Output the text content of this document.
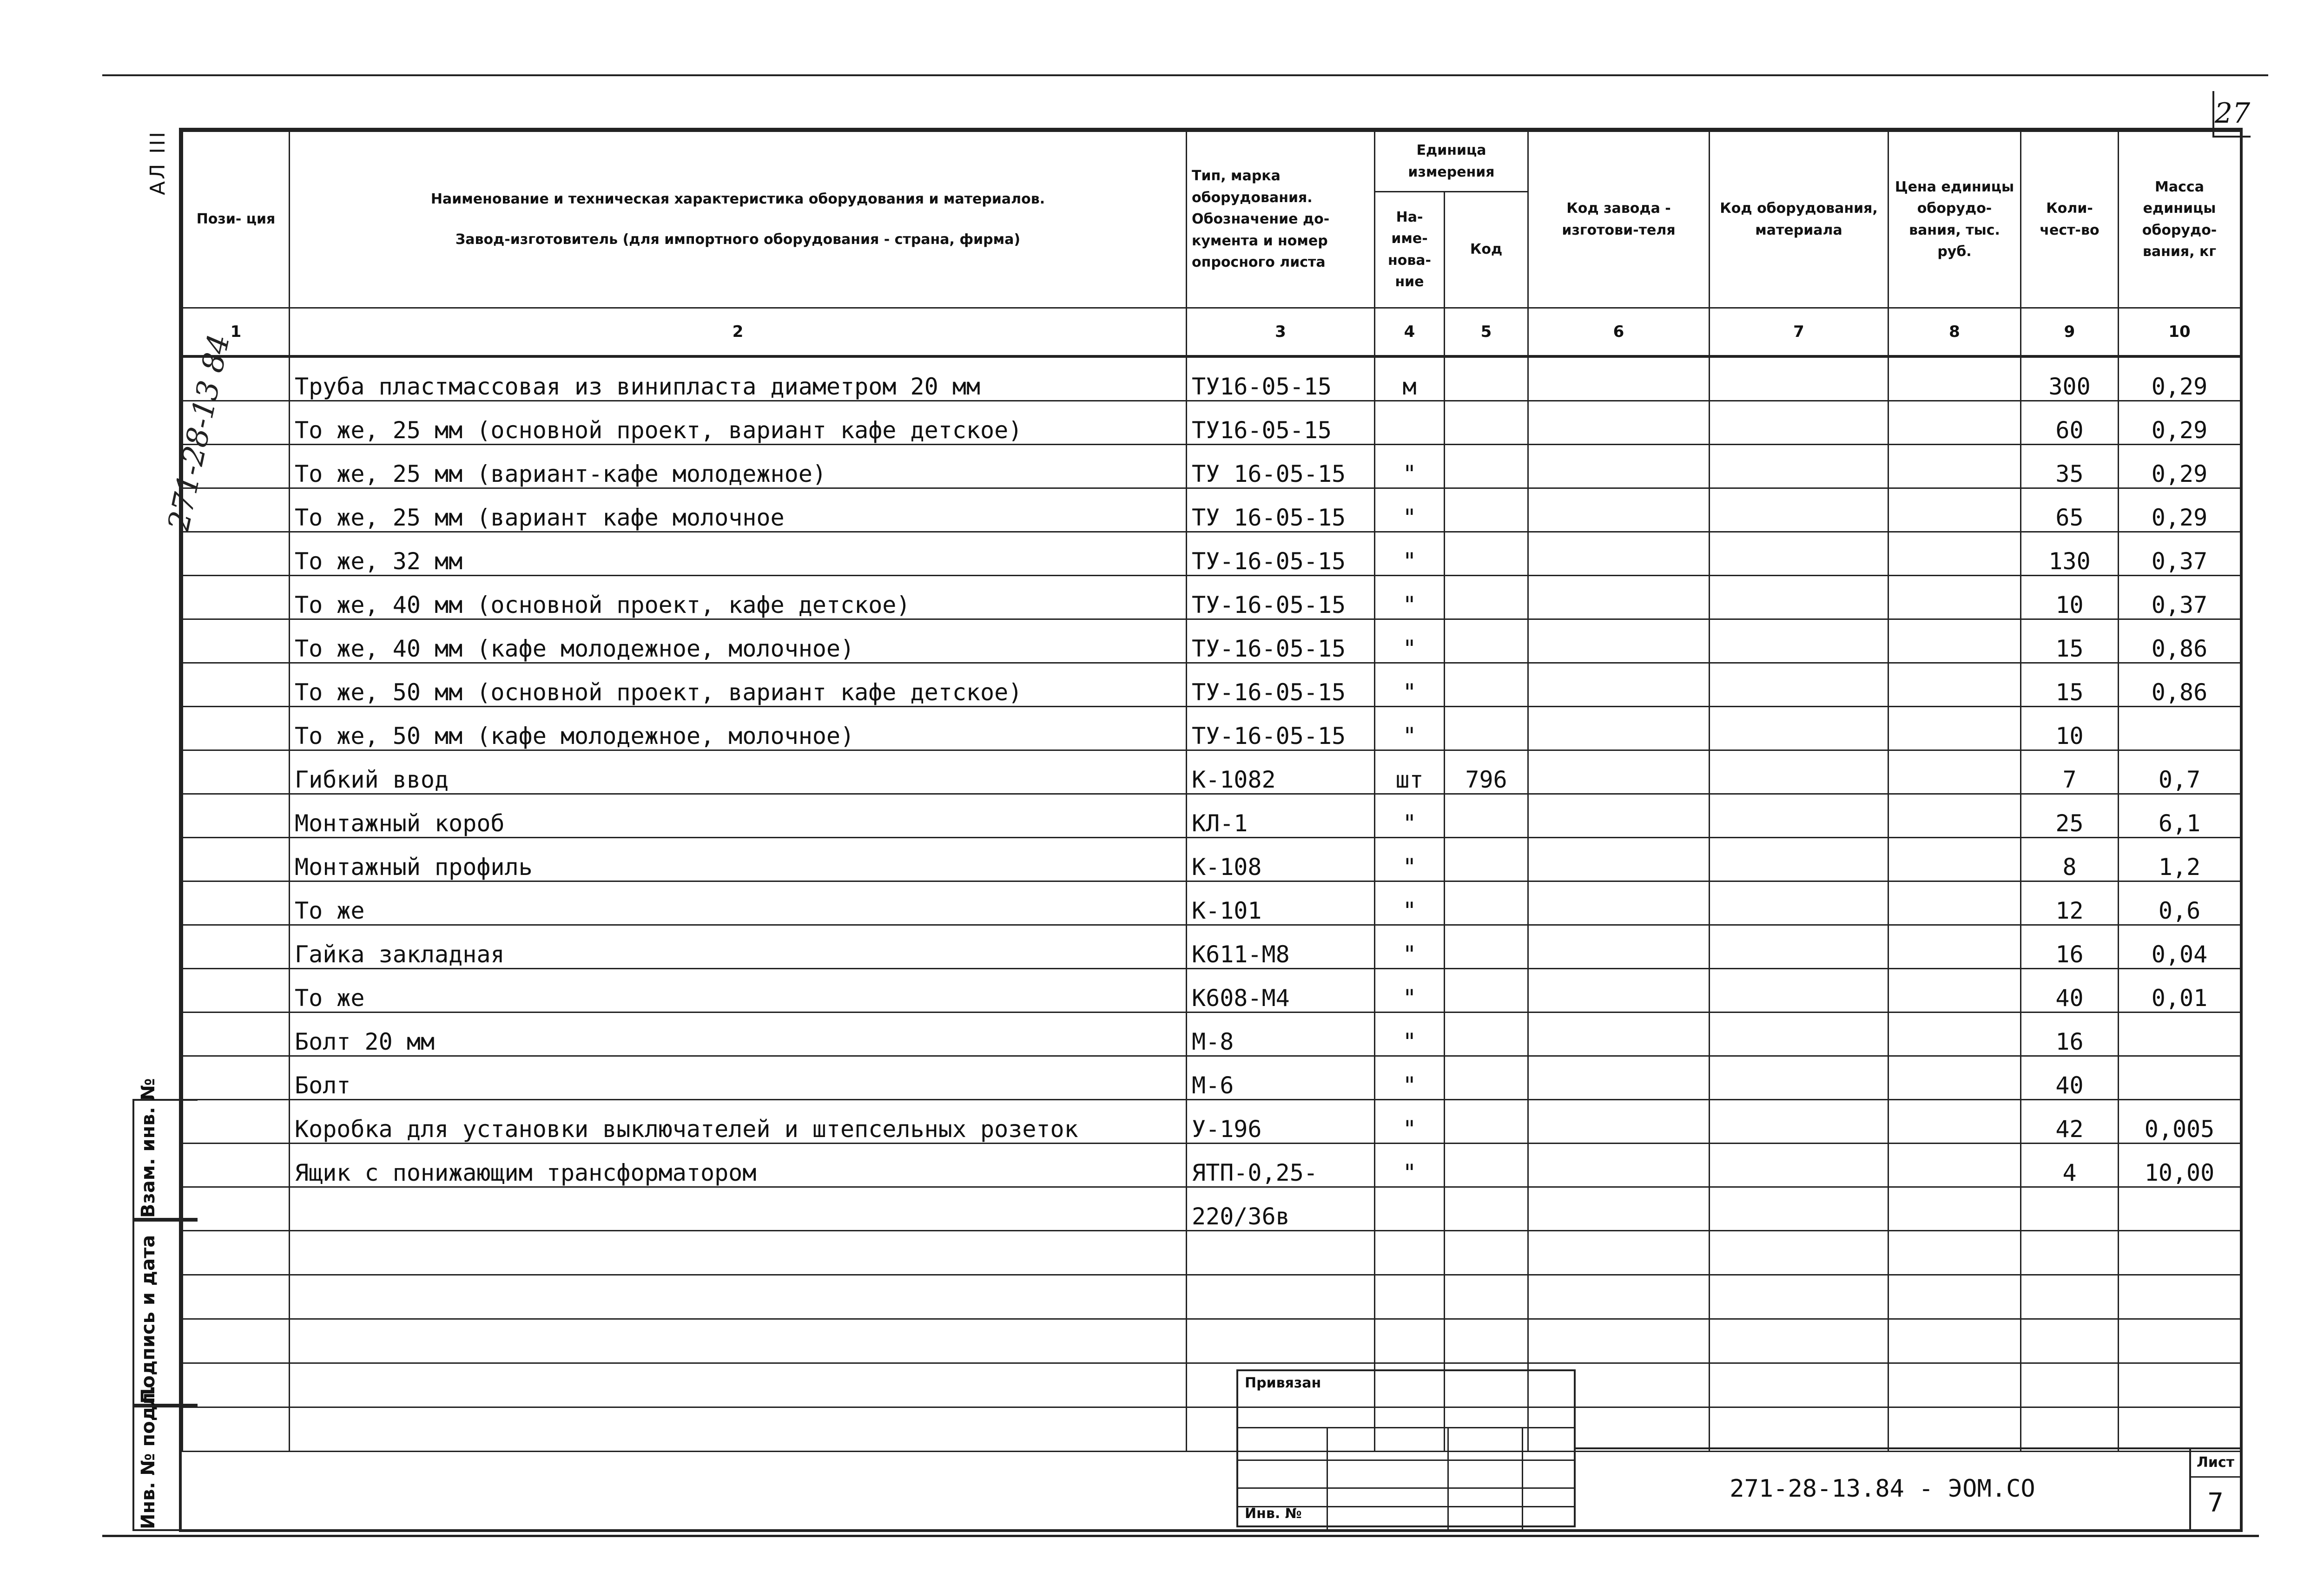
27
АЛ III
271-28-13 84
Взам. инв. №
Подпись и дата
Инв. № подл.
Пози- ция	Наименование и техническая характеристика оборудования и материалов.
Завод-изготовитель (для импортного оборудования - страна, фирма)	Тип, марка оборудования. Обозначение до-кумента и номер опросного листа	Единица измерения		Код завода - изготови-теля	Код оборудования, материала	Цена единицы оборудо-вания, тыс. руб.	Коли-чест-во	Масса единицы оборудо-вания, кг
			На-име-нова-ние	Код					
1	2	3	4	5	6	7	8	9	10
	Труба пластмассовая из винипласта диаметром 20 мм	ТУ16-05-15	м					300	0,29
	То же, 25 мм (основной проект, вариант кафе детское)	ТУ16-05-15						60	0,29
	То же, 25 мм (вариант-кафе молодежное)	ТУ 16-05-15	"					35	0,29
	То же, 25 мм (вариант кафе молочное	ТУ 16-05-15	"					65	0,29
	То же, 32 мм	ТУ-16-05-15	"					130	0,37
	То же, 40 мм (основной проект, кафе детское)	ТУ-16-05-15	"					10	0,37
	То же, 40 мм (кафе молодежное, молочное)	ТУ-16-05-15	"					15	0,86
	То же, 50 мм (основной проект, вариант кафе детское)	ТУ-16-05-15	"					15	0,86
	То же, 50 мм (кафе молодежное, молочное)	ТУ-16-05-15	"					10	
	Гибкий ввод	К-1082	шт	796				7	0,7
	Монтажный короб	КЛ-1	"					25	6,1
	Монтажный профиль	К-108	"					8	1,2
	То же	К-101	"					12	0,6
	Гайка закладная	К611-М8	"					16	0,04
	То же	К608-М4	"					40	0,01
	Болт 20 мм	М-8	"					16	
	Болт	М-6	"					40	
	Коробка для установки выключателей и штепсельных розеток	У-196	"					42	0,005
	Ящик с понижающим трансформатором	ЯТП-0,25-	"					4	10,00
		220/36в							

Привязан
Инв. №
271-28-13.84 - ЭОМ.СО
Лист
7
